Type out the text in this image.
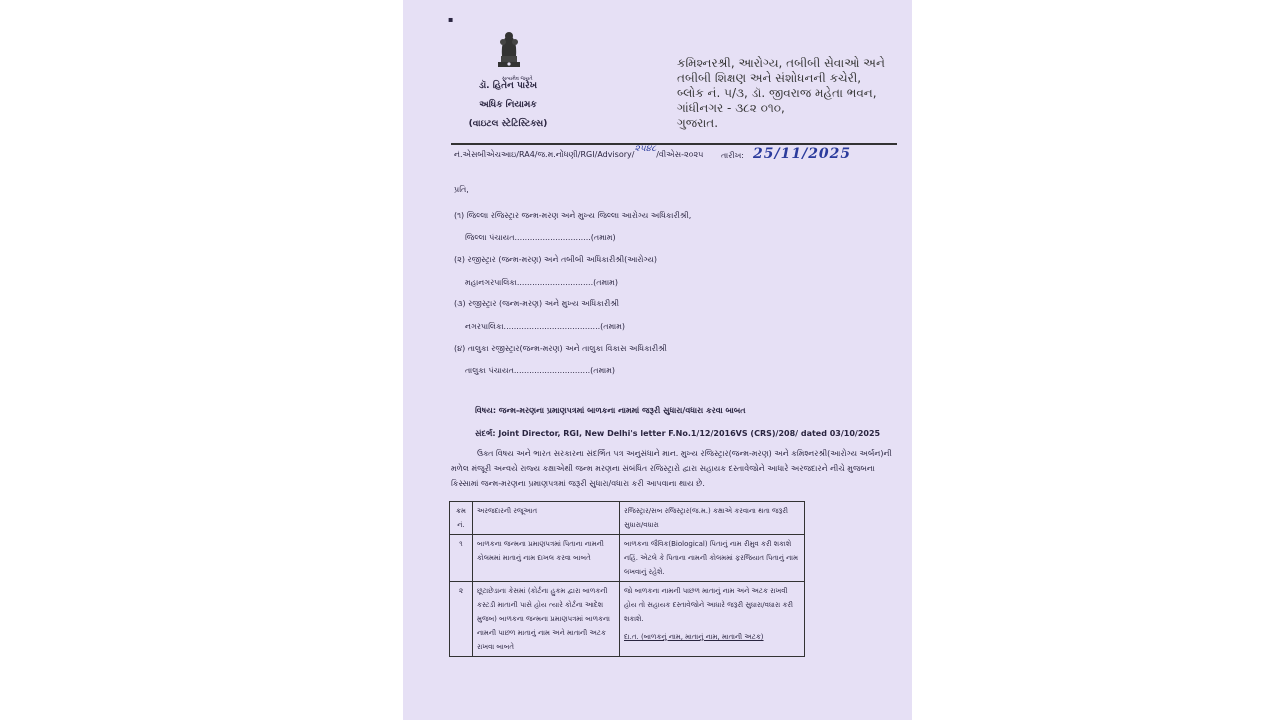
▪
સત્યમેવ જયતે
ડૉ. હિતેન પારેખ
અધિક નિયામક
(વાઇટલ સ્ટેટિસ્ટિક્સ)
કમિશ્નરશ્રી, આરોગ્ય, તબીબી સેવાઓ અને
તબીબી શિક્ષણ અને સંશોધનની કચેરી,
બ્લોક નં. ૫/૩, ડૉ. જીવરાજ મહેતા ભવન,
ગાંધીનગર - ૩૮૨ ૦૧૦,
ગુજરાત.
નં.એસબીએચઆઇ/RA4/જ.મ.નોંધણી/RGI/Advisory/૨૫૪૮/વીએસ-૨૦૨૫ તારીખ: 25/11/2025
પ્રતિ,
(૧) જિલ્લા રજિસ્ટ્રાર જન્મ-મરણ અને મુખ્ય જિલ્લા આરોગ્ય અધિકારીશ્રી,
જિલ્લા પંચાયત..............................(તમામ)
(૨) રજીસ્ટ્રાર (જન્મ-મરણ) અને તબીબી અધિકારીશ્રી(આરોગ્ય)
મહાનગરપાલિકા..............................(તમામ)
(૩) રજીસ્ટ્રાર (જન્મ-મરણ) અને મુખ્ય અધિકારીશ્રી
નગરપાલિકા......................................(તમામ)
(૪) તાલુકા રજીસ્ટ્રાર(જન્મ-મરણ) અને તાલુકા વિકાસ અધિકારીશ્રી
તાલુકા પંચાયત..............................(તમામ)
વિષય: જન્મ-મરણના પ્રમાણપત્રમાં બાળકના નામમાં જરૂરી સુધારા/વધારા કરવા બાબત
સંદર્ભ: Joint Director, RGI, New Delhi's letter F.No.1/12/2016VS (CRS)/208/ dated 03/10/2025
ઉક્ત વિષય અને ભારત સરકારના સંદર્ભિત પત્ર અનુસંધાને માન. મુખ્ય રજિસ્ટ્રાર(જન્મ-મરણ) અને કમિશ્નરશ્રી(આરોગ્ય અર્બન)ની મળેલ મંજૂરી અન્વયે રાજ્ય કક્ષાએથી જન્મ મરણના સંબંધિત રજિસ્ટ્રારો દ્વારા સહાયક દસ્તાવેજોને આધારે અરજદારને નીચે મુજબના કિસ્સામાં જન્મ-મરણના પ્રમાણપત્રમાં જરૂરી સુધારા/વધારા કરી આપવાના થાય છે.
ક્રમ નં.	અરજદારની રજૂઆત	રજિસ્ટ્રાર/સબ રજિસ્ટ્રાર(જ.મ.) કક્ષાએ કરવાના થતા જરૂરી સુધારા/વધારા
૧	બાળકના જન્મના પ્રમાણપત્રમાં પિતાના નામની કોલમમાં માતાનું નામ દાખલ કરવા બાબતે	બાળકના જૈવિક(Biological) પિતાનું નામ રીમુવ કરી શકાશે નહિં. એટલે કે પિતાના નામની કોલમમાં ફરજિયાત પિતાનું નામ લખવાનું રહેશે.
૨	છૂટાછેડાના કેસમાં (કોર્ટના હુકમ દ્વારા બાળકની કસ્ટડી માતાની પાસે હોય ત્યારે કોર્ટના આદેશ મુજબ) બાળકના જન્મના પ્રમાણપત્રમાં બાળકના નામની પાછળ માતાનું નામ અને માતાની અટક રાખવા બાબતે	જો બાળકના નામની પાછળ માતાનું નામ અને અટક રાખવી હોય તો સહાયક દસ્તાવેજોને આધારે જરૂરી સુધારા/વધારા કરી શકાશે.
દા.ત. (બાળકનું નામ, માતાનું નામ, માતાની અટક)
